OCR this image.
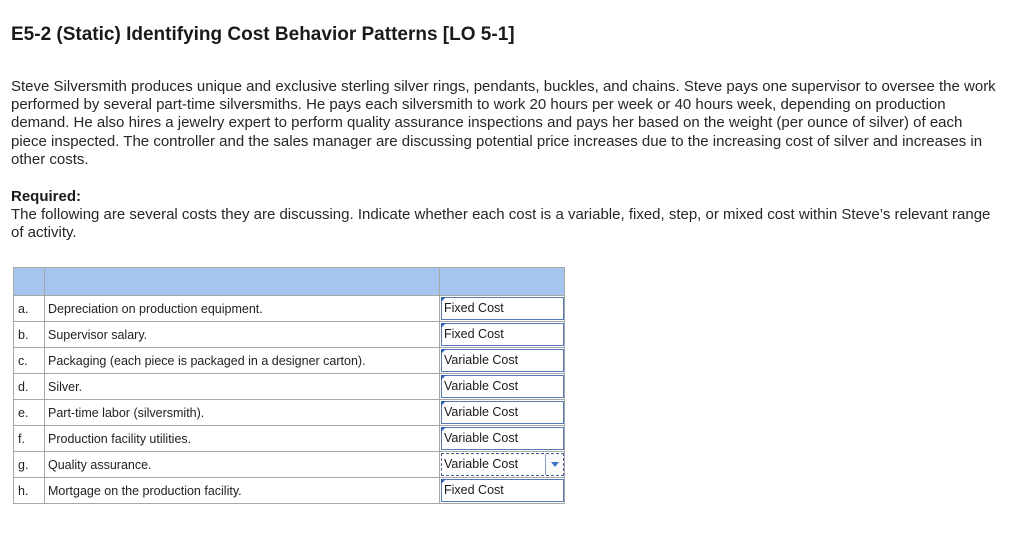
E5-2 (Static) Identifying Cost Behavior Patterns [LO 5-1]
Steve Silversmith produces unique and exclusive sterling silver rings, pendants, buckles, and chains. Steve pays one supervisor to oversee the work performed by several part-time silversmiths. He pays each silversmith to work 20 hours per week or 40 hours week, depending on production demand. He also hires a jewelry expert to perform quality assurance inspections and pays her based on the weight (per ounce of silver) of each piece inspected. The controller and the sales manager are discussing potential price increases due to the increasing cost of silver and increases in other costs.
Required:
The following are several costs they are discussing. Indicate whether each cost is a variable, fixed, step, or mixed cost within Steve’s relevant range of activity.

a.	Depreciation on production equipment.	Fixed Cost

b.	Supervisor salary.	Fixed Cost

c.	Packaging (each piece is packaged in a designer carton).	Variable Cost

d.	Silver.	Variable Cost

e.	Part-time labor (silversmith).	Variable Cost

f.	Production facility utilities.	Variable Cost

g.	Quality assurance.	Variable Cost

h.	Mortgage on the production facility.	Fixed Cost
